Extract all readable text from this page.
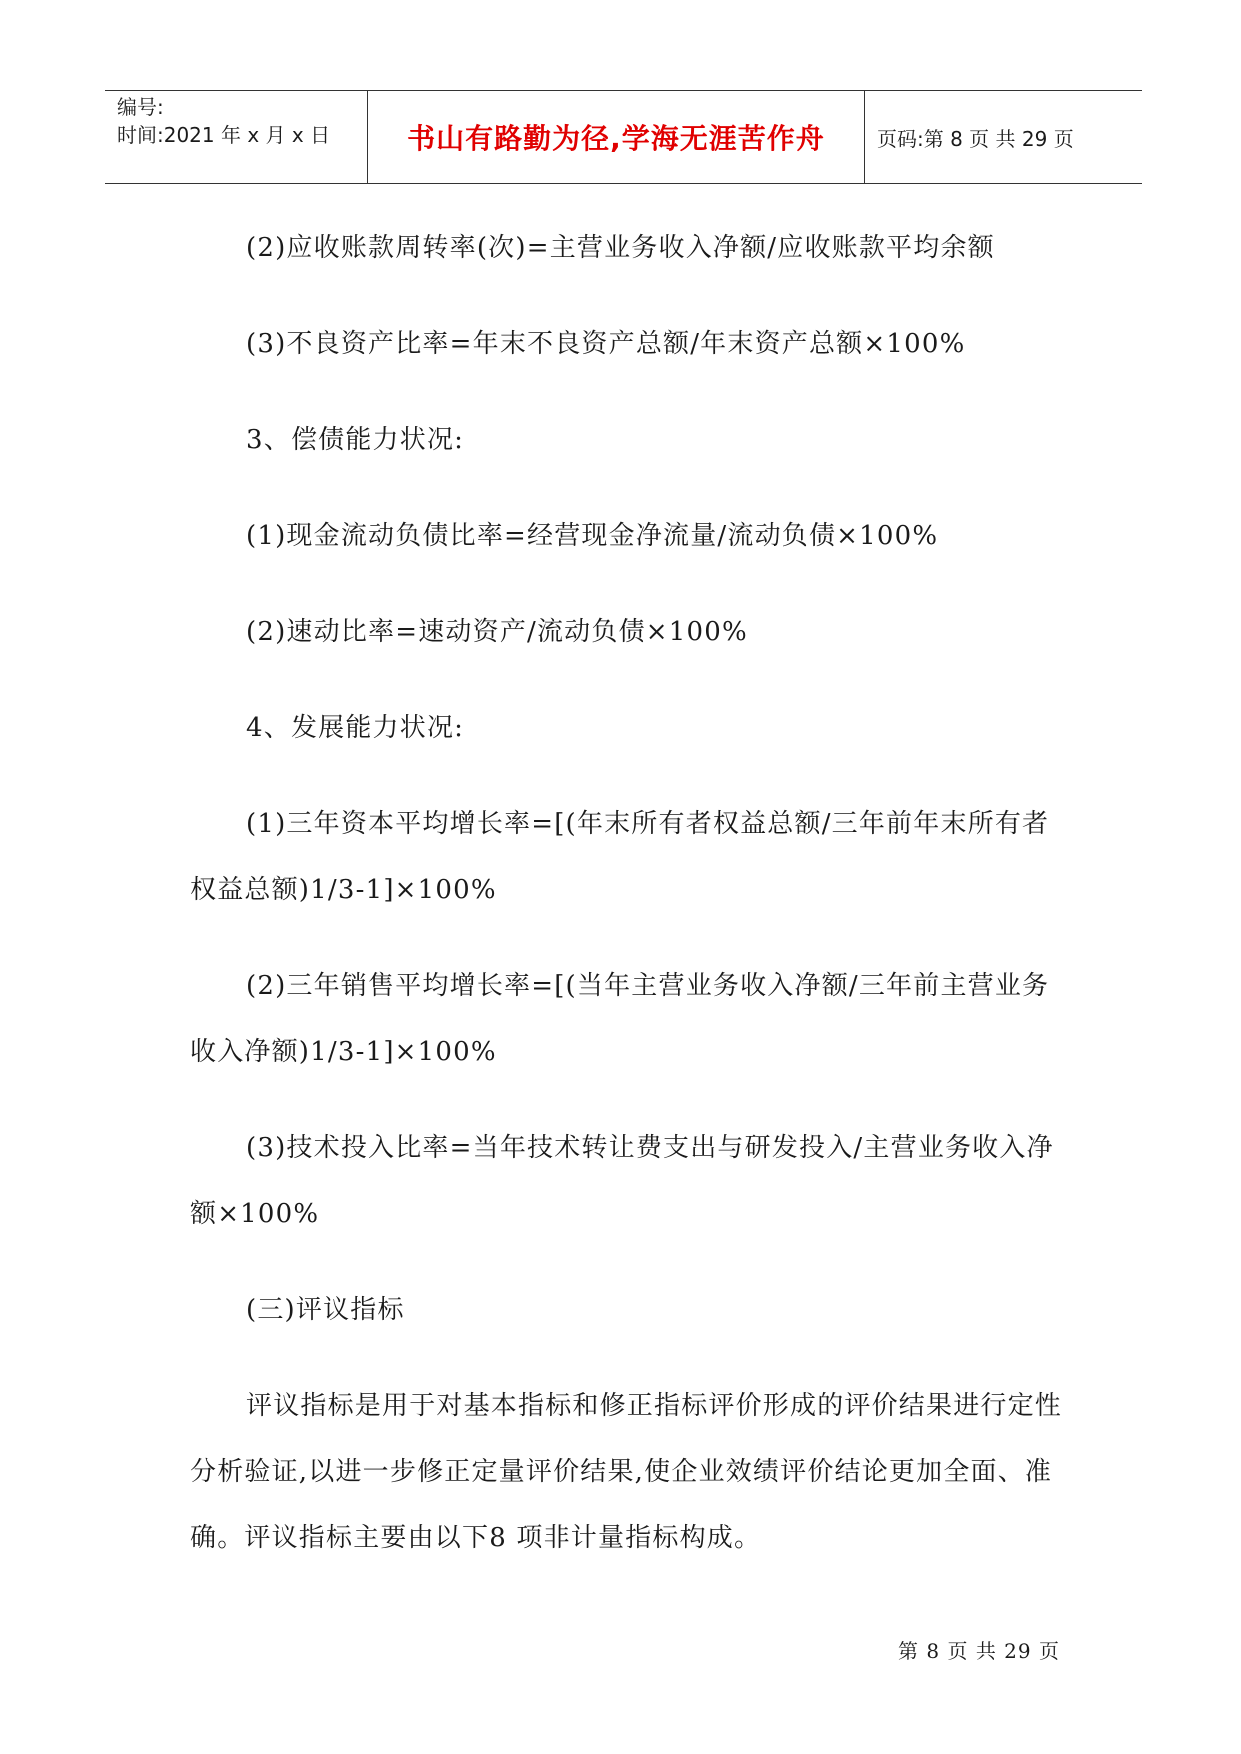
编号:
时间:2021 年 x 月 x 日	书山有路勤为径,学海无涯苦作舟	页码:第 8 页 共 29 页

(2)应收账款周转率(次)=主营业务收入净额/应收账款平均余额

(3)不良资产比率=年末不良资产总额/年末资产总额×100%

3、偿债能力状况:

(1)现金流动负债比率=经营现金净流量/流动负债×100%

(2)速动比率=速动资产/流动负债×100%

4、发展能力状况:

(1)三年资本平均增长率=[(年末所有者权益总额/三年前年末所有者权益总额)1/3-1]×100%

(2)三年销售平均增长率=[(当年主营业务收入净额/三年前主营业务收入净额)1/3-1]×100%

(3)技术投入比率=当年技术转让费支出与研发投入/主营业务收入净额×100%

(三)评议指标

评议指标是用于对基本指标和修正指标评价形成的评价结果进行定性分析验证,以进一步修正定量评价结果,使企业效绩评价结论更加全面、准确。评议指标主要由以下8 项非计量指标构成。

第 8 页 共 29 页
